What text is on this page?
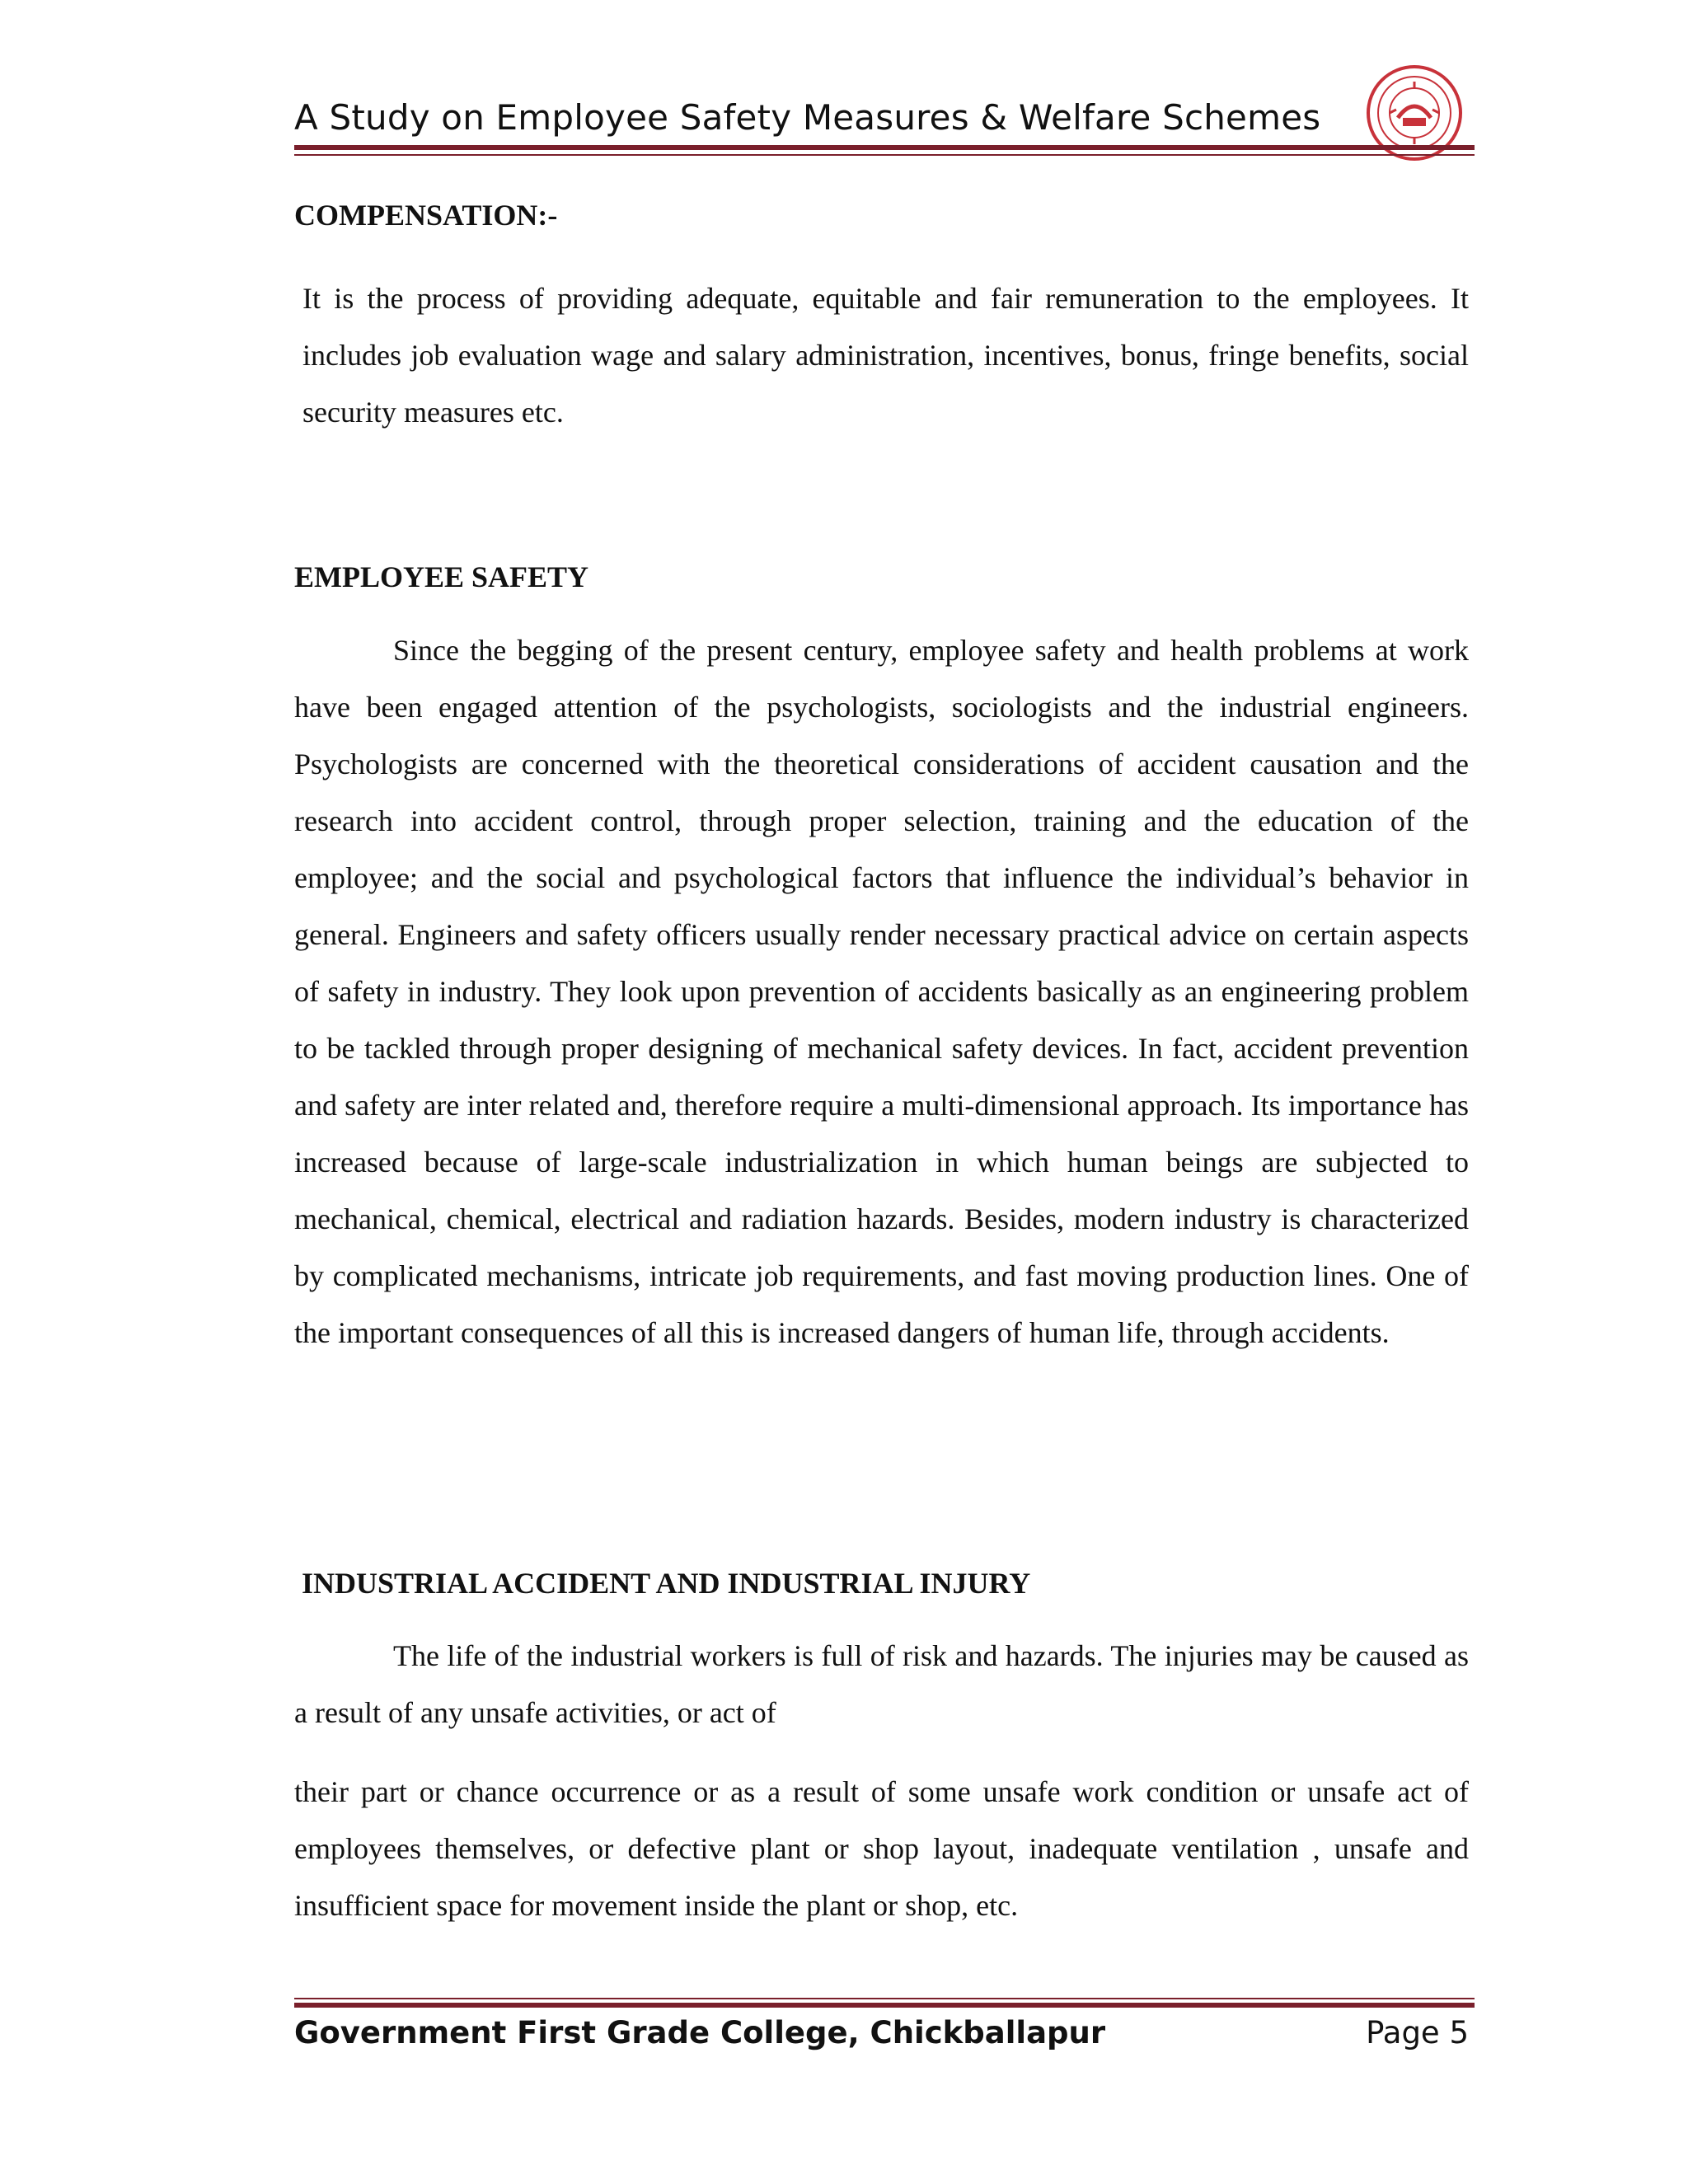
A Study on Employee Safety Measures & Welfare Schemes
COMPENSATION:-
It is the process of providing adequate, equitable and fair remuneration to the employees. It includes job evaluation wage and salary administration, incentives, bonus, fringe benefits, social security measures etc.
EMPLOYEE SAFETY
Since the begging of the present century, employee safety and health problems at work have been engaged attention of the psychologists, sociologists and the industrial engineers. Psychologists are concerned with the theoretical considerations of accident causation and the research into accident control, through proper selection, training and the education of the employee; and the social and psychological factors that influence the individual’s behavior in general. Engineers and safety officers usually render necessary practical advice on certain aspects of safety in industry. They look upon prevention of accidents basically as an engineering problem to be tackled through proper designing of mechanical safety devices. In fact, accident prevention and safety are inter related and, therefore require a multi-dimensional approach. Its importance has increased because of large-scale industrialization in which human beings are subjected to mechanical, chemical, electrical and radiation hazards. Besides, modern industry is characterized by complicated mechanisms, intricate job requirements, and fast moving production lines. One of the important consequences of all this is increased dangers of human life, through accidents.
INDUSTRIAL ACCIDENT AND INDUSTRIAL INJURY
The life of the industrial workers is full of risk and hazards. The injuries may be caused as a result of any unsafe activities, or act of
their part or chance occurrence or as a result of some unsafe work condition or unsafe act of employees themselves, or defective plant or shop layout, inadequate ventilation , unsafe and insufficient space for movement inside the plant or shop, etc.
Government First Grade College, Chickballapur	Page 5
